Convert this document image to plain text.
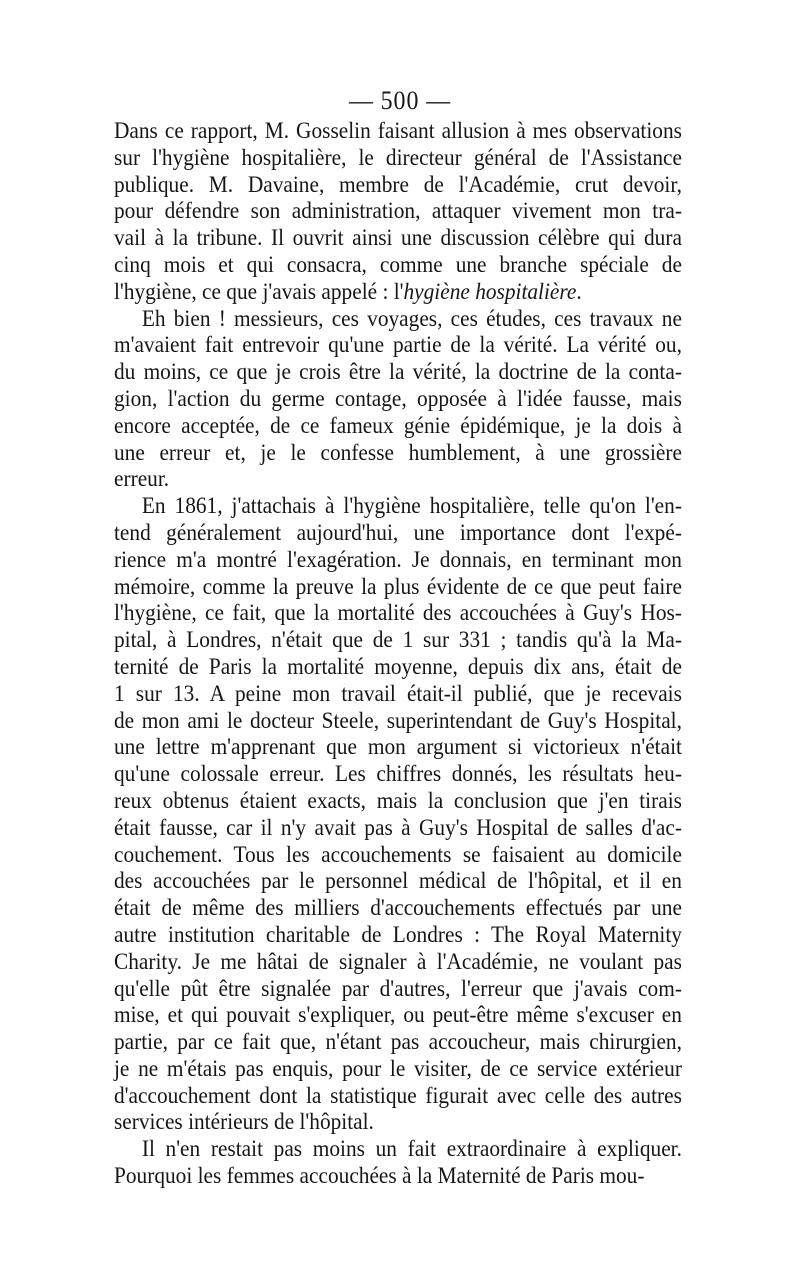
— 500 —
Dans ce rapport, M. Gosselin faisant allusion à mes observations
sur l'hygiène hospitalière, le directeur général de l'Assistance
publique. M. Davaine, membre de l'Académie, crut devoir,
pour défendre son administration, attaquer vivement mon tra-
vail à la tribune. Il ouvrit ainsi une discussion célèbre qui dura
cinq mois et qui consacra, comme une branche spéciale de
l'hygiène, ce que j'avais appelé : l'hygiène hospitalière.
Eh bien ! messieurs, ces voyages, ces études, ces travaux ne
m'avaient fait entrevoir qu'une partie de la vérité. La vérité ou,
du moins, ce que je crois être la vérité, la doctrine de la conta-
gion, l'action du germe contage, opposée à l'idée fausse, mais
encore acceptée, de ce fameux génie épidémique, je la dois à
une erreur et, je le confesse humblement, à une grossière
erreur.
En 1861, j'attachais à l'hygiène hospitalière, telle qu'on l'en-
tend généralement aujourd'hui, une importance dont l'expé-
rience m'a montré l'exagération. Je donnais, en terminant mon
mémoire, comme la preuve la plus évidente de ce que peut faire
l'hygiène, ce fait, que la mortalité des accouchées à Guy's Hos-
pital, à Londres, n'était que de 1 sur 331 ; tandis qu'à la Ma-
ternité de Paris la mortalité moyenne, depuis dix ans, était de
1 sur 13. A peine mon travail était-il publié, que je recevais
de mon ami le docteur Steele, superintendant de Guy's Hospital,
une lettre m'apprenant que mon argument si victorieux n'était
qu'une colossale erreur. Les chiffres donnés, les résultats heu-
reux obtenus étaient exacts, mais la conclusion que j'en tirais
était fausse, car il n'y avait pas à Guy's Hospital de salles d'ac-
couchement. Tous les accouchements se faisaient au domicile
des accouchées par le personnel médical de l'hôpital, et il en
était de même des milliers d'accouchements effectués par une
autre institution charitable de Londres : The Royal Maternity
Charity. Je me hâtai de signaler à l'Académie, ne voulant pas
qu'elle pût être signalée par d'autres, l'erreur que j'avais com-
mise, et qui pouvait s'expliquer, ou peut-être même s'excuser en
partie, par ce fait que, n'étant pas accoucheur, mais chirurgien,
je ne m'étais pas enquis, pour le visiter, de ce service extérieur
d'accouchement dont la statistique figurait avec celle des autres
services intérieurs de l'hôpital.
Il n'en restait pas moins un fait extraordinaire à expliquer.
Pourquoi les femmes accouchées à la Maternité de Paris mou-
